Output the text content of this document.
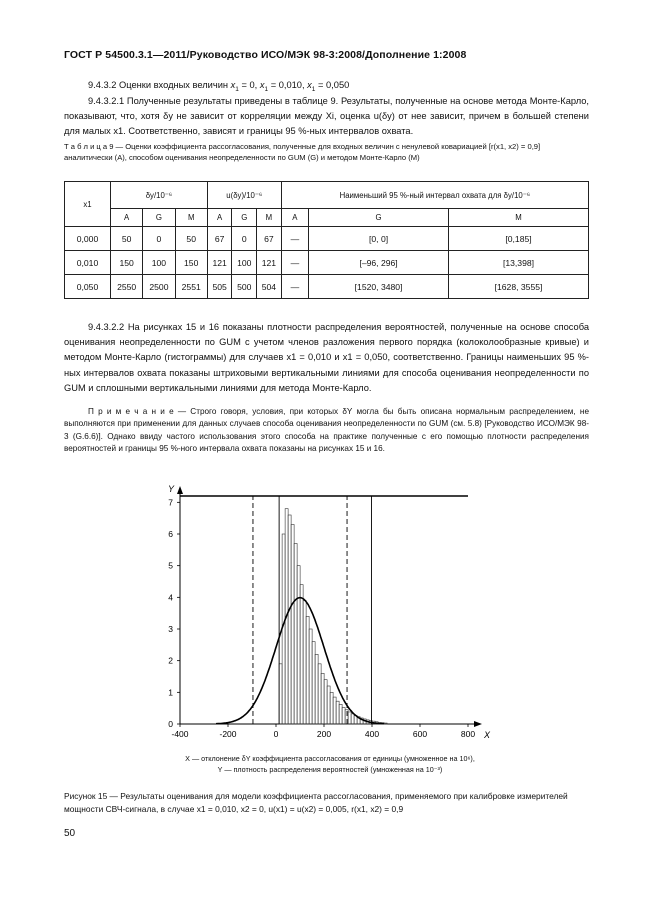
ГОСТ Р 54500.3.1—2011/Руководство ИСО/МЭК 98-3:2008/Дополнение 1:2008

9.4.3.2 Оценки входных величин $x_1 = 0$, $x_1 = 0,010$, $x_1 = 0,050$

9.4.3.2.1 Полученные результаты приведены в таблице 9. Результаты, полученные на основе метода Монте-Карло, показывают, что, хотя δy не зависит от корреляции между Xi, оценка u(δy) от нее зависит, причем в большей степени для малых x1. Соответственно, зависят и границы 95 %-ных интервалов охвата.

Т а б л и ц а 9 — Оценки коэффициента рассогласования, полученные для входных величин с ненулевой ковариацией [r(x1, x2) = 0,9] аналитически (А), способом оценивания неопределенности по GUM (G) и методом Монте-Карло (М)
x1	δy/10⁻⁶			u(δy)/10⁻⁶			Наименьший 95 %-ный интервал охвата для δy/10⁻⁶		
	A	G	M	A	G	M	A	G	M
0,000	50	0	50	67	0	67	—	[0, 0]	[0,185]
0,010	150	100	150	121	100	121	—	[–96, 296]	[13,398]
0,050	2550	2500	2551	505	500	504	—	[1520, 3480]	[1628, 3555]

9.4.3.2.2 На рисунках 15 и 16 показаны плотности распределения вероятностей, полученные на основе способа оценивания неопределенности по GUM с учетом членов разложения первого порядка (колоколообразные кривые) и методом Монте-Карло (гистограммы) для случаев x1 = 0,010 и x1 = 0,050, соответственно. Границы наименьших 95 %-ных интервалов охвата показаны штриховыми вертикальными линиями для способа оценивания неопределенности по GUM и сплошными вертикальными линиями для метода Монте-Карло.

П р и м е ч а н и е — Строго говоря, условия, при которых δY могла бы быть описана нормальным распределением, не выполняются при применении для данных случаев способа оценивания неопределенности по GUM (см. 5.8) [Руководство ИСО/МЭК 98-3 (G.6.6)]. Однако ввиду частого использования этого способа на практике полученные с его помощью плотности распределения вероятностей и границы 95 %-ного интервала охвата показаны на рисунках 15 и 16.

0
1
2
3
4
5
6
7
-400	-200	0	200	400	600	800
Y
X
X — отклонение δY коэффициента рассогласования от единицы (умноженное на 10⁶),
Y — плотность распределения вероятностей (умноженная на 10⁻³)
Рисунок 15 — Результаты оценивания для модели коэффициента рассогласования, применяемого при калибровке измерителей мощности СВЧ-сигнала, в случае x1 = 0,010, x2 = 0, u(x1) = u(x2) = 0,005, r(x1, x2) = 0,9
50
